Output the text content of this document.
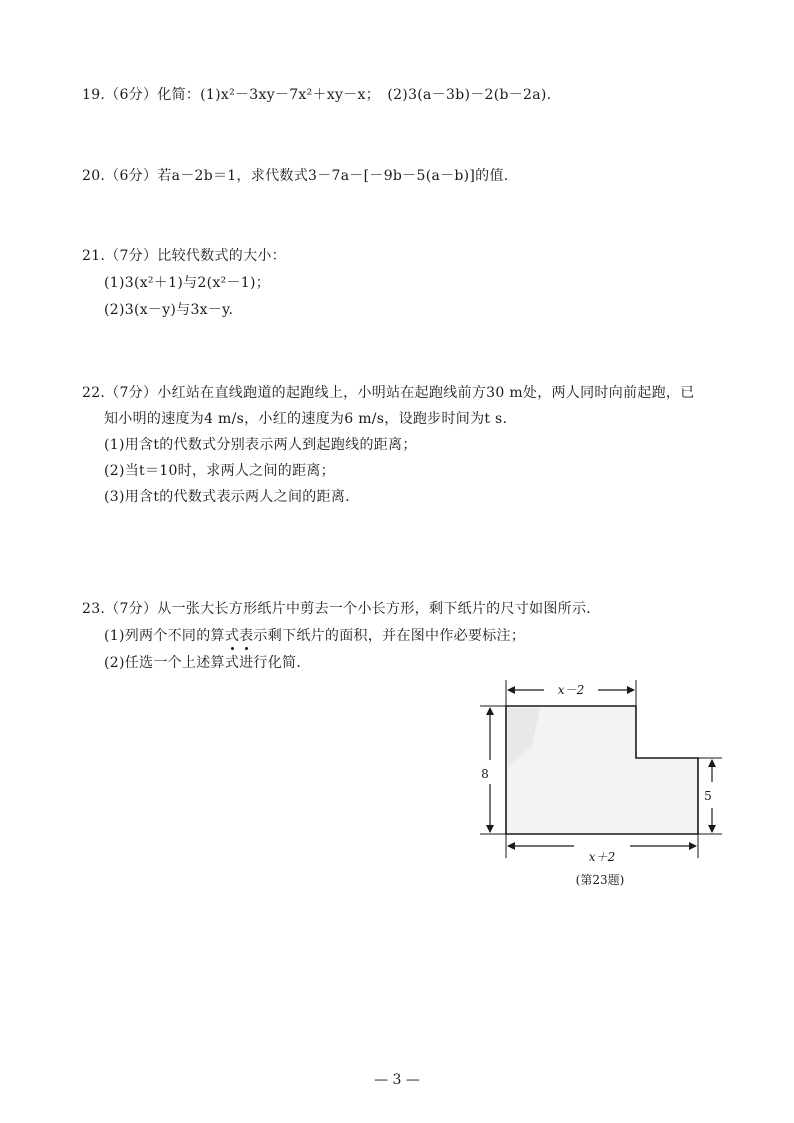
19.（6分）化简：(1)x²－3xy－7x²＋xy－x；　(2)3(a－3b)－2(b－2a).
20.（6分）若a－2b＝1，求代数式3－7a－[－9b－5(a－b)]的值.
21.（7分）比较代数式的大小：
(1)3(x²＋1)与2(x²－1)；
(2)3(x－y)与3x－y.
22.（7分）小红站在直线跑道的起跑线上，小明站在起跑线前方30 m处，两人同时向前起跑，已
知小明的速度为4 m/s，小红的速度为6 m/s，设跑步时间为t s.
(1)用含t的代数式分别表示两人到起跑线的距离；
(2)当t＝10时，求两人之间的距离；
(3)用含t的代数式表示两人之间的距离.
23.（7分）从一张大长方形纸片中剪去一个小长方形，剩下纸片的尺寸如图所示.
(1)列两个不同的算式表示剩下纸片的面积，并在图中作必要标注；
(2)任选一个上述算式进行化简.
x－2
x＋2
8
5
(第23题)
— 3 —
